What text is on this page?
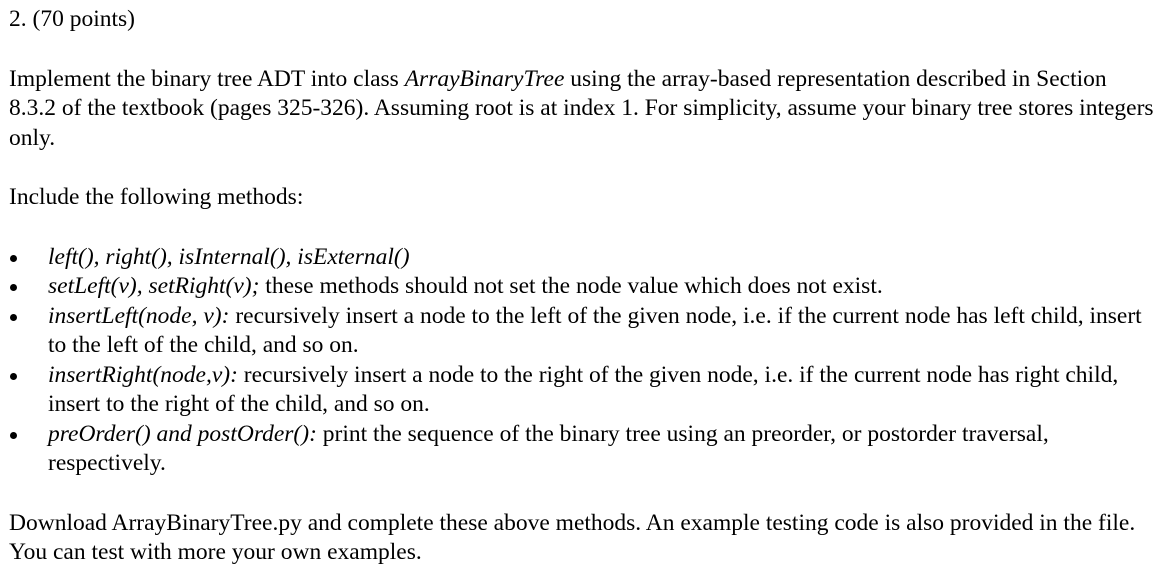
2. (70 points)

Implement the binary tree ADT into class ArrayBinaryTree using the array-based representation described in Section 8.3.2 of the textbook (pages 325-326). Assuming root is at index 1. For simplicity, assume your binary tree stores integers only.

Include the following methods:

left(), right(), isInternal(), isExternal()
setLeft(v), setRight(v); these methods should not set the node value which does not exist.
insertLeft(node, v): recursively insert a node to the left of the given node, i.e. if the current node has left child, insert to the left of the child, and so on.
insertRight(node,v): recursively insert a node to the right of the given node, i.e. if the current node has right child, insert to the right of the child, and so on.
preOrder() and postOrder(): print the sequence of the binary tree using an preorder, or postorder traversal, respectively.

Download ArrayBinaryTree.py and complete these above methods. An example testing code is also provided in the file. You can test with more your own examples.
